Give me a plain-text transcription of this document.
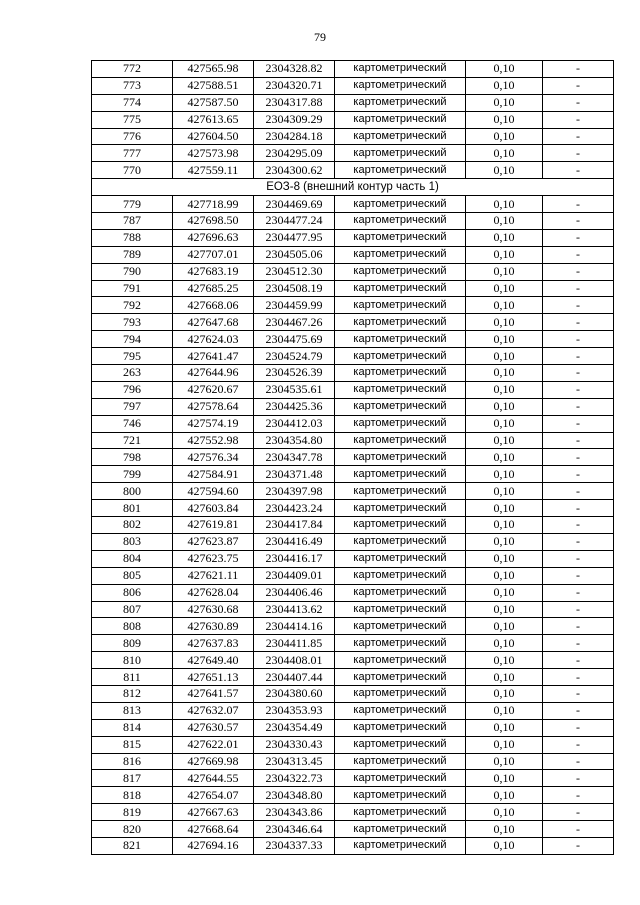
79
772	427565.98	2304328.82	картометрический	0,10	-
773	427588.51	2304320.71	картометрический	0,10	-
774	427587.50	2304317.88	картометрический	0,10	-
775	427613.65	2304309.29	картометрический	0,10	-
776	427604.50	2304284.18	картометрический	0,10	-
777	427573.98	2304295.09	картометрический	0,10	-
770	427559.11	2304300.62	картометрический	0,10	-
ЕОЗ-8 (внешний контур часть 1)					
779	427718.99	2304469.69	картометрический	0,10	-
787	427698.50	2304477.24	картометрический	0,10	-
788	427696.63	2304477.95	картометрический	0,10	-
789	427707.01	2304505.06	картометрический	0,10	-
790	427683.19	2304512.30	картометрический	0,10	-
791	427685.25	2304508.19	картометрический	0,10	-
792	427668.06	2304459.99	картометрический	0,10	-
793	427647.68	2304467.26	картометрический	0,10	-
794	427624.03	2304475.69	картометрический	0,10	-
795	427641.47	2304524.79	картометрический	0,10	-
263	427644.96	2304526.39	картометрический	0,10	-
796	427620.67	2304535.61	картометрический	0,10	-
797	427578.64	2304425.36	картометрический	0,10	-
746	427574.19	2304412.03	картометрический	0,10	-
721	427552.98	2304354.80	картометрический	0,10	-
798	427576.34	2304347.78	картометрический	0,10	-
799	427584.91	2304371.48	картометрический	0,10	-
800	427594.60	2304397.98	картометрический	0,10	-
801	427603.84	2304423.24	картометрический	0,10	-
802	427619.81	2304417.84	картометрический	0,10	-
803	427623.87	2304416.49	картометрический	0,10	-
804	427623.75	2304416.17	картометрический	0,10	-
805	427621.11	2304409.01	картометрический	0,10	-
806	427628.04	2304406.46	картометрический	0,10	-
807	427630.68	2304413.62	картометрический	0,10	-
808	427630.89	2304414.16	картометрический	0,10	-
809	427637.83	2304411.85	картометрический	0,10	-
810	427649.40	2304408.01	картометрический	0,10	-
811	427651.13	2304407.44	картометрический	0,10	-
812	427641.57	2304380.60	картометрический	0,10	-
813	427632.07	2304353.93	картометрический	0,10	-
814	427630.57	2304354.49	картометрический	0,10	-
815	427622.01	2304330.43	картометрический	0,10	-
816	427669.98	2304313.45	картометрический	0,10	-
817	427644.55	2304322.73	картометрический	0,10	-
818	427654.07	2304348.80	картометрический	0,10	-
819	427667.63	2304343.86	картометрический	0,10	-
820	427668.64	2304346.64	картометрический	0,10	-
821	427694.16	2304337.33	картометрический	0,10	-
